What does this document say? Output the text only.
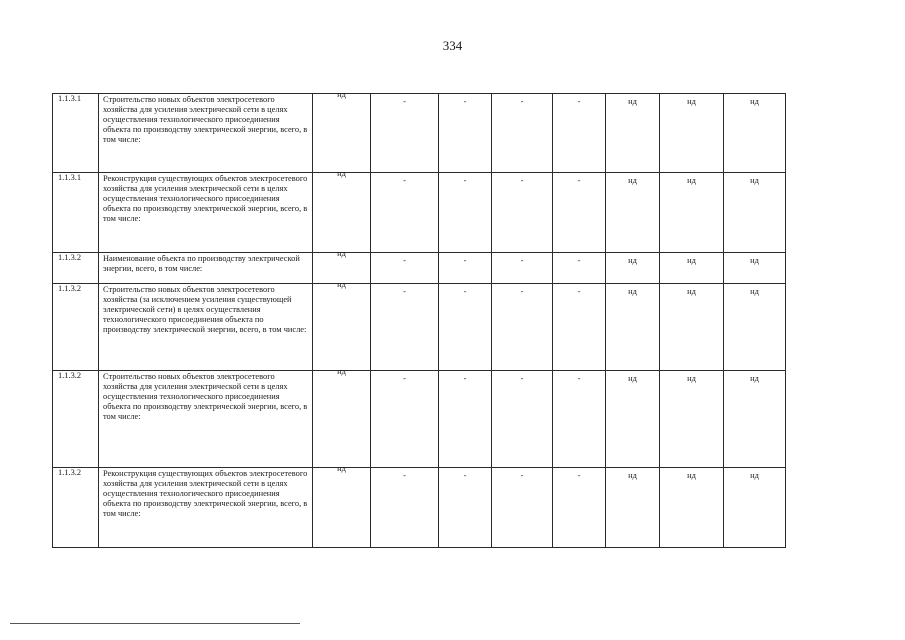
334
1.1.3.1	Строительство новых объектов электросетевого хозяйства для усиления электрической сети в целях осуществления технологического присоединения объекта по производству электрической энергии, всего, в том числе:	нд	-	-	-	-	нд	нд	нд
1.1.3.1	Реконструкция существующих объектов электросетевого хозяйства для усиления электрической сети в целях осуществления технологического присоединения объекта по производству электрической энергии, всего, в том числе:	нд	-	-	-	-	нд	нд	нд
1.1.3.2	Наименование объекта по производству электрической энергии, всего, в том числе:	нд	-	-	-	-	нд	нд	нд
1.1.3.2	Строительство новых объектов электросетевого хозяйства (за исключением усиления существующей электрической сети) в целях осуществления технологического присоединения объекта по производству электрической энергии, всего, в том числе:	нд	-	-	-	-	нд	нд	нд
1.1.3.2	Строительство новых объектов электросетевого хозяйства для усиления электрической сети в целях осуществления технологического присоединения объекта по производству электрической энергии, всего, в том числе:	нд	-	-	-	-	нд	нд	нд
1.1.3.2	Реконструкция существующих объектов электросетевого хозяйства для усиления электрической сети в целях осуществления технологического присоединения объекта по производству электрической энергии, всего, в том числе:	нд	-	-	-	-	нд	нд	нд
